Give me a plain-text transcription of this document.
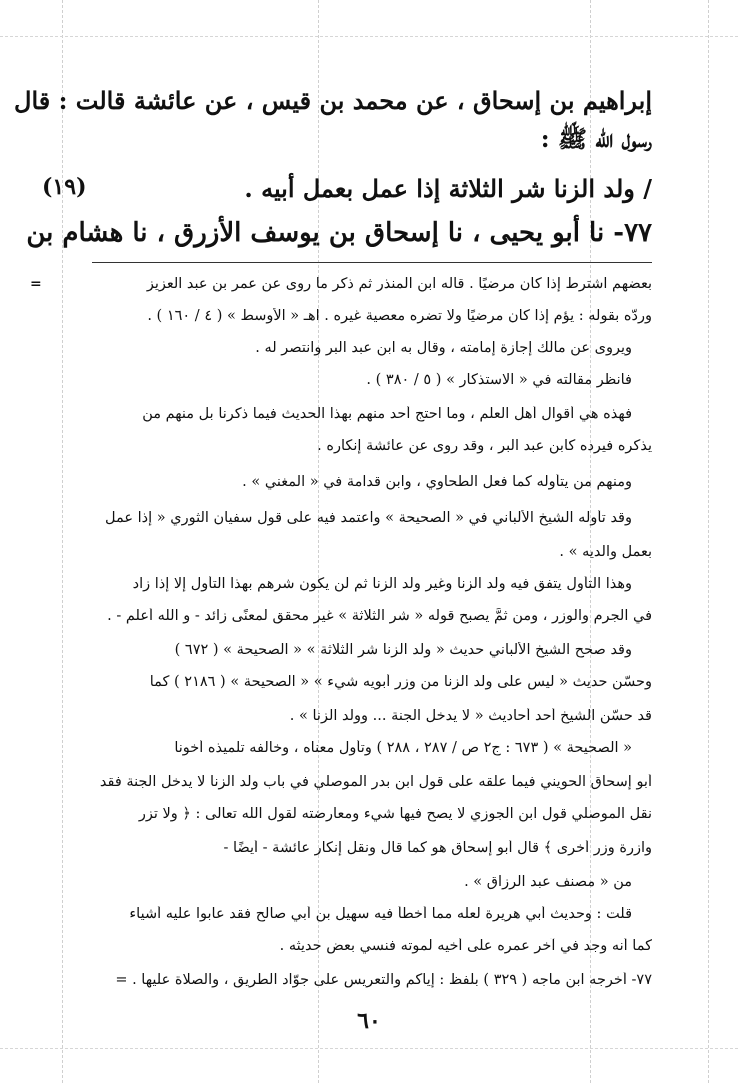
إبراهيم بن إسحاق ، عن محمد بن قيس ، عن عائشة قالت : قال
رسول الله ﷺ :
/ ولد الزنا شر الثلاثة إذا عمل بعمل أبيه .
(١٩)
٧٧- نا أبو يحيى ، نا إسحاق بن يوسف الأزرق ، نا هشام بن
=	بعضهم اشترط إذا كان مرضيًا . قاله ابن المنذر ثم ذكر ما روى عن عمر بن عبد العزيز
وردّه بقوله : يؤم إذا كان مرضيًا ولا تضره معصية غيره . اهـ « الأوسط » ( ٤ / ١٦٠ ) .
ويروى عن مالك إجازة إمامته ، وقال به ابن عبد البر وانتصر له .
فانظر مقالته في « الاستذكار » ( ٥ / ٣٨٠ ) .
فهذه هي أقوال أهل العلم ، وما احتج أحد منهم بهذا الحديث فيما ذكرنا بل منهم من
يذكره فيرده كابن عبد البر ، وقد روى عن عائشة إنكاره .
ومنهم من يتأوله كما فعل الطحاوي ، وابن قدامة في « المغني » .
وقد تأوله الشيخ الألباني في « الصحيحة » واعتمد فيه على قول سفيان الثوري « إذا عمل
بعمل والديه » .
وهذا التأول يتفق فيه ولد الزنا وغير ولد الزنا ثم لن يكون شرهم بهذا التأول إلا إذا زاد
في الجرم والوزر ، ومن ثمَّ يصبح قوله « شر الثلاثة » غير محقق لمعنًى زائد - و الله أعلم - .
وقد صحح الشيخ الألباني حديث « ولد الزنا شر الثلاثة » « الصحيحة » ( ٦٧٢ )
وحسّن حديث « ليس على ولد الزنا من وزر أبويه شيء » « الصحيحة » ( ٢١٨٦ ) كما
قد حسّن الشيخ أحد أحاديث « لا يدخل الجنة ... وولد الزنا » .
« الصحيحة » ( ٦٧٣ : ج٢ ص / ٢٨٧ ، ٢٨٨ ) وتأول معناه ، وخالفه تلميذه أخونا
أبو إسحاق الحويني فيما علقه على قول ابن بدر الموصلي في باب ولد الزنا لا يدخل الجنة فقد
نقل الموصلي قول ابن الجوزي لا يصح فيها شيء ومعارضته لقول الله تعالى : ﴿ ولا تزر
وازرة وزر أخرى ﴾ قال أبو إسحاق هو كما قال ونقل إنكار عائشة - أيضًا -
من « مصنف عبد الرزاق » .
قلت : وحديث أبي هريرة لعله مما أخطأ فيه سهيل بن أبي صالح فقد عابوا عليه أشياء
كما أنه وجد في آخر عمره على أخيه لموته فنسي بعض حديثه .
٧٧- أخرجه ابن ماجه ( ٣٢٩ ) بلفظ : إياكم والتعريس على جوّاد الطريق ، والصلاة عليها . =
٦٠
